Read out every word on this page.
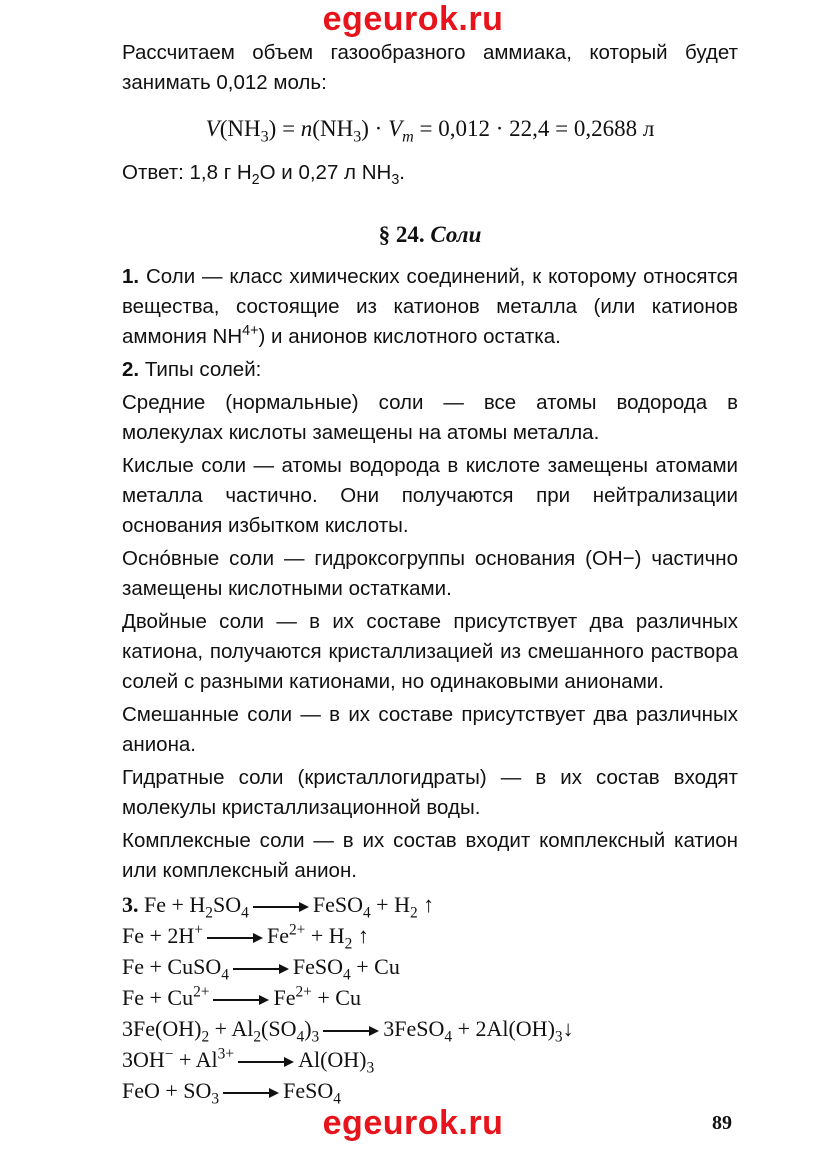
egeurok.ru

Рассчитаем объем газообразного аммиака, который будет занимать 0,012 моль:

$V(NH_3) = n(NH_3) \cdot V_m = 0,012 \cdot 22,4 = 0,2688$ л

Ответ: 1,8 г $H_2O$ и 0,27 л $NH_3$.

§ 24. Соли

1. Соли — класс химических соединений, к которому относятся вещества, состоящие из катионов металла (или катионов аммония $NH^{4+}$) и анионов кислотного остатка.

2. Типы солей:

Средние (нормальные) соли — все атомы водорода в молекулах кислоты замещены на атомы металла.

Кислые соли — атомы водорода в кислоте замещены атомами металла частично. Они получаются при нейтрализации основания избытком кислоты.

Оснóвные соли — гидроксогруппы основания (OH−) частично замещены кислотными остатками.

Двойные соли — в их составе присутствует два различных катиона, получаются кристаллизацией из смешанного раствора солей с разными катионами, но одинаковыми анионами.

Смешанные соли — в их составе присутствует два различных аниона.

Гидратные соли (кристаллогидраты) — в их состав входят молекулы кристаллизационной воды.

Комплексные соли — в их состав входит комплексный катион или комплексный анион.

3. $Fe + H_2SO_4$	FeSO$_4$ + $H_2$ ↑
Fe + 2H+	$Fe^{2+} + H_2$ ↑
Fe + CuSO$_4$	FeSO$_4$ + Cu
$Fe + Cu^{2+}$	$Fe^{2+} + Cu$
$3Fe(OH)_2 + Al_2(SO_4)_3$	3FeSO$_4$ + $2Al(OH)_3↓$
$3OH^- + Al^{3+}$	$Al(OH)_3$
FeO + $SO_3$	FeSO$_4$
egeurok.ru	89
